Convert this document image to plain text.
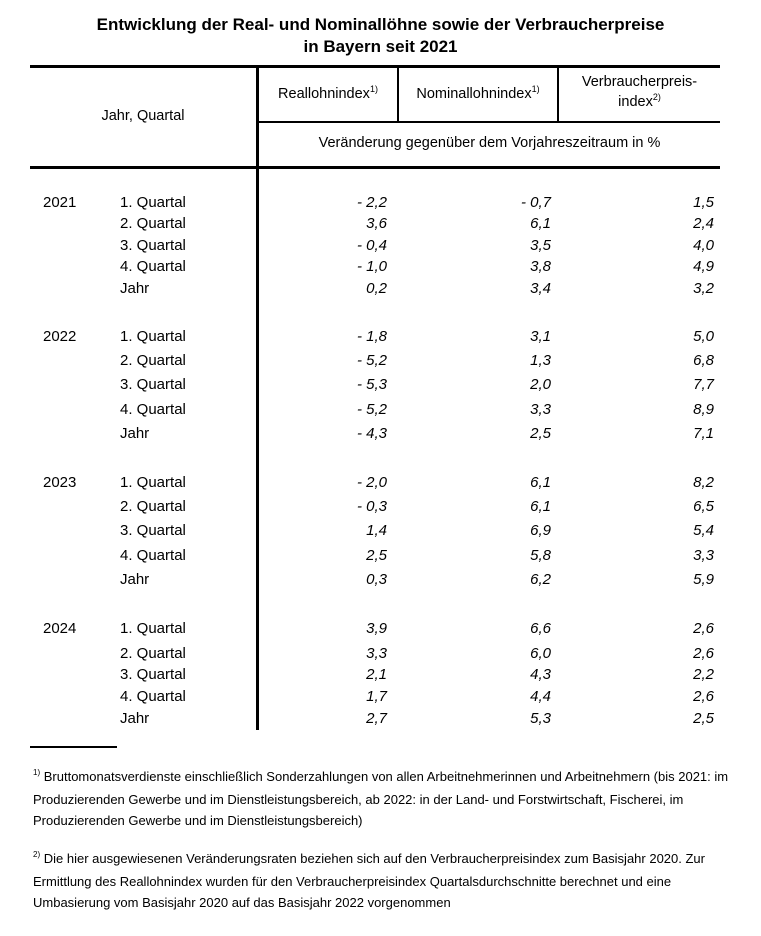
Entwicklung der Real- und Nominallöhne sowie der Verbraucherpreise
in Bayern seit 2021
Jahr, Quartal
Reallohnindex$^{1)}$	Nominallohnindex$^{1)}$	Verbraucherpreis-
index$^{2)}$
Veränderung gegenüber dem Vorjahreszeitraum in %
2021	1. Quartal	- 2,2	- 0,7	1,5
2. Quartal	3,6	6,1	2,4
3. Quartal	- 0,4	3,5	4,0
4. Quartal	- 1,0	3,8	4,9
Jahr	0,2	3,4	3,2
2022	1. Quartal	- 1,8	3,1	5,0
2. Quartal	- 5,2	1,3	6,8
3. Quartal	- 5,3	2,0	7,7
4. Quartal	- 5,2	3,3	8,9
Jahr	- 4,3	2,5	7,1
2023	1. Quartal	- 2,0	6,1	8,2
2. Quartal	- 0,3	6,1	6,5
3. Quartal	1,4	6,9	5,4
4. Quartal	2,5	5,8	3,3
Jahr	0,3	6,2	5,9
2024	1. Quartal	3,9	6,6	2,6
2. Quartal	3,3	6,0	2,6
3. Quartal	2,1	4,3	2,2
4. Quartal	1,7	4,4	2,6
Jahr	2,7	5,3	2,5
$^{1)}$ Bruttomonatsverdienste einschließlich Sonderzahlungen von allen Arbeitnehmerinnen und Arbeitnehmern (bis 2021: im Produzierenden Gewerbe und im Dienstleistungsbereich, ab 2022: in der Land- und Forstwirtschaft, Fischerei, im Produzierenden Gewerbe und im Dienstleistungsbereich)
$^{2)}$ Die hier ausgewiesenen Veränderungsraten beziehen sich auf den Verbraucherpreisindex zum Basisjahr 2020. Zur Ermittlung des Reallohnindex wurden für den Verbraucherpreisindex Quartalsdurchschnitte berechnet und eine Umbasierung vom Basisjahr 2020 auf das Basisjahr 2022 vorgenommen
